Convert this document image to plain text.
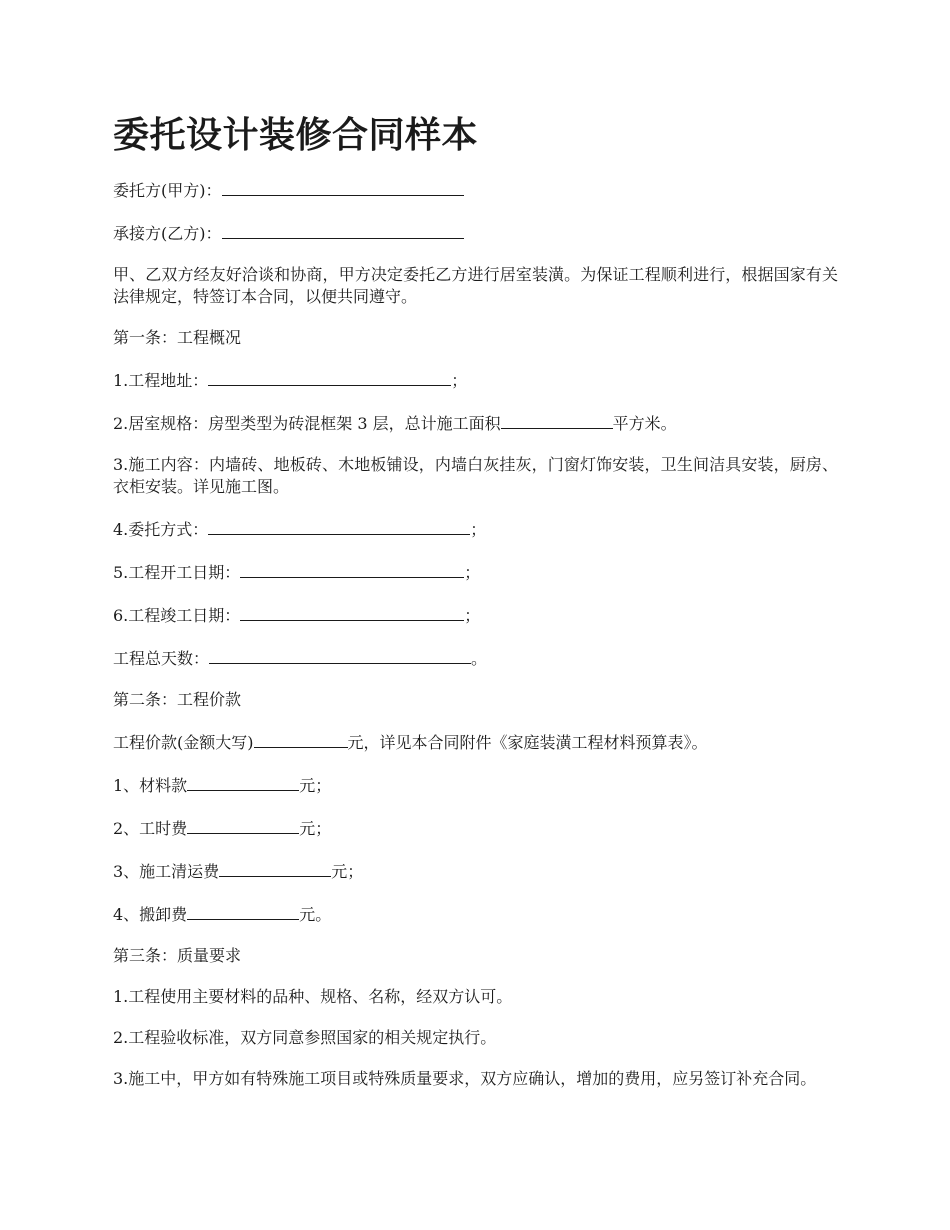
委托设计装修合同样本

委托方(甲方)：

承接方(乙方)：

甲、乙双方经友好洽谈和协商，甲方决定委托乙方进行居室装潢。为保证工程顺利进行，根据国家有关法律规定，特签订本合同，以便共同遵守。

第一条：工程概况

1.工程地址：	；

2.居室规格：房型类型为砖混框架 3 层，总计施工面积	平方米。

3.施工内容：内墙砖、地板砖、木地板铺设，内墙白灰挂灰，门窗灯饰安装，卫生间洁具安装，厨房、衣柜安装。详见施工图。

4.委托方式：	；

5.工程开工日期：	；

6.工程竣工日期：	；

工程总天数：	。

第二条：工程价款

工程价款(金额大写)	元，详见本合同附件《家庭装潢工程材料预算表》。

1、材料款	元；

2、工时费	元；

3、施工清运费	元；

4、搬卸费	元。

第三条：质量要求

1.工程使用主要材料的品种、规格、名称，经双方认可。

2.工程验收标准，双方同意参照国家的相关规定执行。

3.施工中，甲方如有特殊施工项目或特殊质量要求，双方应确认，增加的费用，应另签订补充合同。
